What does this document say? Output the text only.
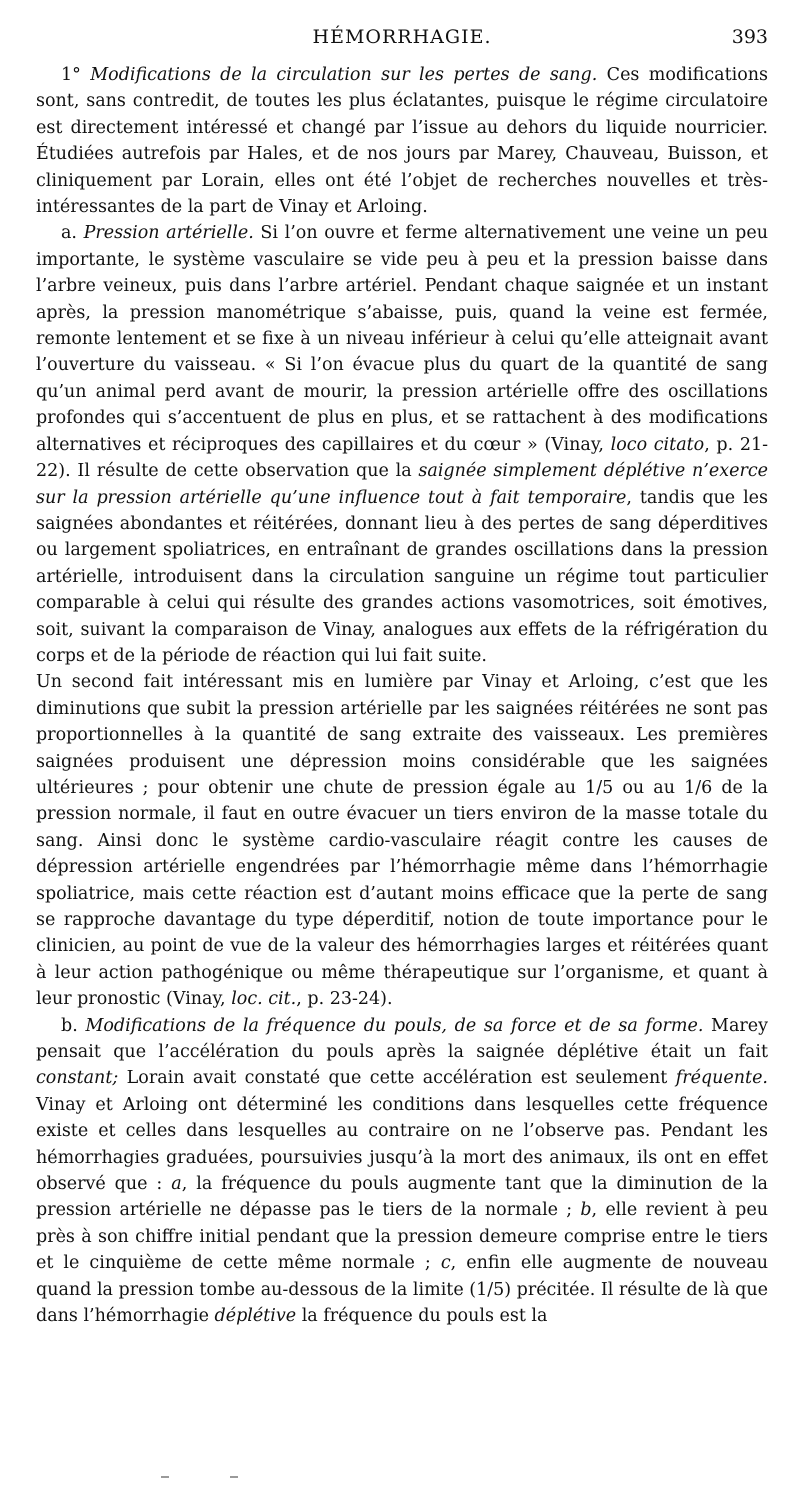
HÉMORRHAGIE.	393

1° Modifications de la circulation sur les pertes de sang. Ces modifications sont, sans contredit, de toutes les plus éclatantes, puisque le régime circulatoire est directement intéressé et changé par l’issue au dehors du liquide nourricier. Étudiées autrefois par Hales, et de nos jours par Marey, Chauveau, Buisson, et cliniquement par Lorain, elles ont été l’objet de recherches nouvelles et très-intéressantes de la part de Vinay et Arloing.

a. Pression artérielle. Si l’on ouvre et ferme alternativement une veine un peu importante, le système vasculaire se vide peu à peu et la pression baisse dans l’arbre veineux, puis dans l’arbre artériel. Pendant chaque saignée et un instant après, la pression manométrique s’abaisse, puis, quand la veine est fermée, remonte lentement et se fixe à un niveau inférieur à celui qu’elle atteignait avant l’ouverture du vaisseau. « Si l’on évacue plus du quart de la quantité de sang qu’un animal perd avant de mourir, la pression artérielle offre des oscillations profondes qui s’accentuent de plus en plus, et se rattachent à des modifications alternatives et réciproques des capillaires et du cœur » (Vinay, loco citato, p. 21-22). Il résulte de cette observation que la saignée simplement déplétive n’exerce sur la pression artérielle qu’une influence tout à fait temporaire, tandis que les saignées abondantes et réitérées, donnant lieu à des pertes de sang déperditives ou largement spoliatrices, en entraînant de grandes oscillations dans la pression artérielle, introduisent dans la circulation sanguine un régime tout particulier comparable à celui qui résulte des grandes actions vasomotrices, soit émotives, soit, suivant la comparaison de Vinay, analogues aux effets de la réfrigération du corps et de la période de réaction qui lui fait suite.

Un second fait intéressant mis en lumière par Vinay et Arloing, c’est que les diminutions que subit la pression artérielle par les saignées réitérées ne sont pas proportionnelles à la quantité de sang extraite des vaisseaux. Les premières saignées produisent une dépression moins considérable que les saignées ultérieures ; pour obtenir une chute de pression égale au 1/5 ou au 1/6 de la pression normale, il faut en outre évacuer un tiers environ de la masse totale du sang. Ainsi donc le système cardio-vasculaire réagit contre les causes de dépression artérielle engendrées par l’hémorrhagie même dans l’hémorrhagie spoliatrice, mais cette réaction est d’autant moins efficace que la perte de sang se rapproche davantage du type déperditif, notion de toute importance pour le clinicien, au point de vue de la valeur des hémorrhagies larges et réitérées quant à leur action pathogénique ou même thérapeutique sur l’organisme, et quant à leur pronostic (Vinay, loc. cit., p. 23-24).

b. Modifications de la fréquence du pouls, de sa force et de sa forme. Marey pensait que l’accélération du pouls après la saignée déplétive était un fait constant; Lorain avait constaté que cette accélération est seulement fréquente. Vinay et Arloing ont déterminé les conditions dans lesquelles cette fréquence existe et celles dans lesquelles au contraire on ne l’observe pas. Pendant les hémorrhagies graduées, poursuivies jusqu’à la mort des animaux, ils ont en effet observé que : a, la fréquence du pouls augmente tant que la diminution de la pression artérielle ne dépasse pas le tiers de la normale ; b, elle revient à peu près à son chiffre initial pendant que la pression demeure comprise entre le tiers et le cinquième de cette même normale ; c, enfin elle augmente de nouveau quand la pression tombe au-dessous de la limite (1/5) précitée. Il résulte de là que dans l’hémorrhagie déplétive la fréquence du pouls est la
